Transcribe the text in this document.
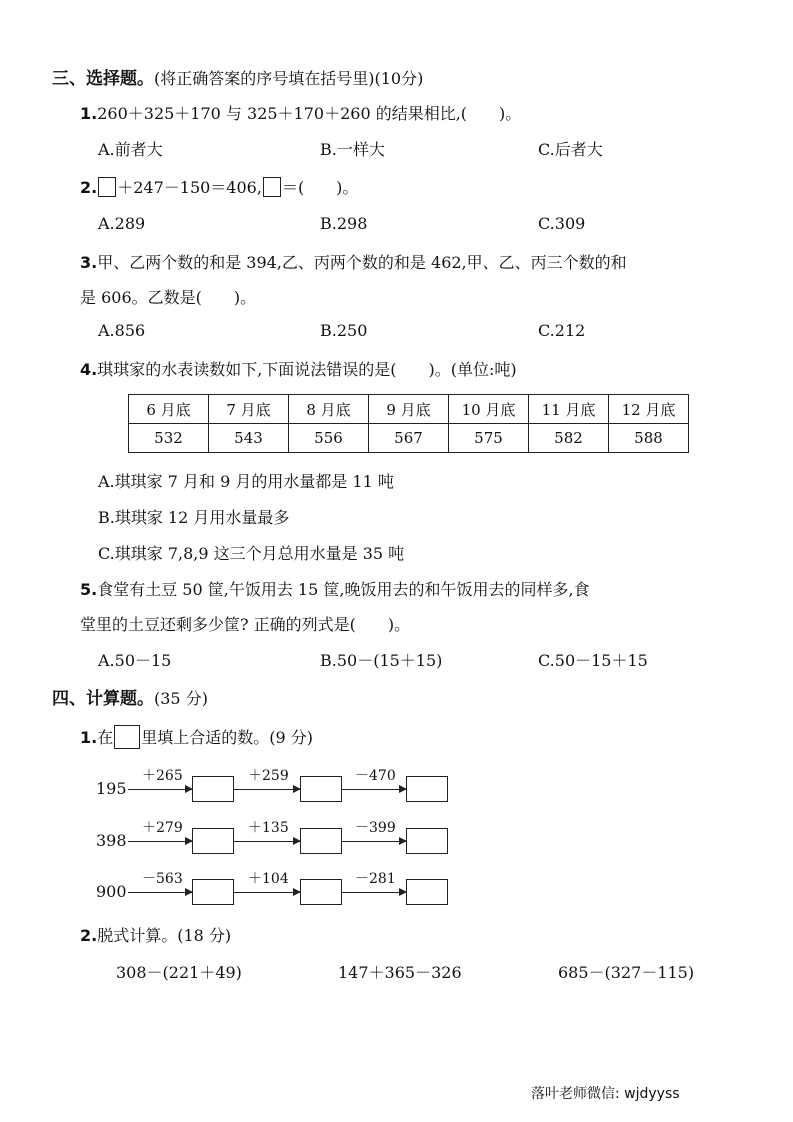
三、选择题。(将正确答案的序号填在括号里)(10分)
1.260＋325＋170 与 325＋170＋260 的结果相比,(　　)。
A.前者大	B.一样大	C.后者大
2. ＋247－150＝406, ＝(　　)。
A.289	B.298	C.309
3.甲、乙两个数的和是 394,乙、丙两个数的和是 462,甲、乙、丙三个数的和
是 606。乙数是(　　)。
A.856	B.250	C.212
4.琪琪家的水表读数如下,下面说法错误的是(　　)。(单位:吨)
6 月底	7 月底	8 月底	9 月底	10 月底	11 月底	12 月底
532	543	556	567	575	582	588
A.琪琪家 7 月和 9 月的用水量都是 11 吨
B.琪琪家 12 月用水量最多
C.琪琪家 7,8,9 这三个月总用水量是 35 吨
5.食堂有土豆 50 筐,午饭用去 15 筐,晚饭用去的和午饭用去的同样多,食
堂里的土豆还剩多少筐? 正确的列式是(　　)。
A.50－15	B.50－(15＋15)	C.50－15＋15
四、计算题。(35 分)
1.在 里填上合适的数。(9 分)
195
＋265	＋259	－470
398
＋279	＋135	－399
900
－563	＋104	－281
2.脱式计算。(18 分)
308－(221＋49)	147＋365－326	685－(327－115)
落叶老师微信: wjdyyss
